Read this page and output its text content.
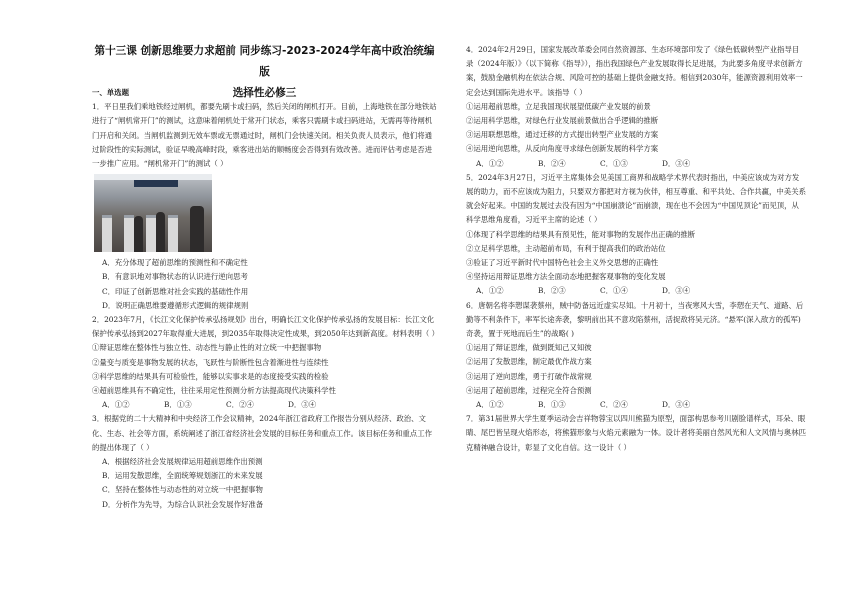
第十三课 创新思维要力求超前 同步练习-2023-2024学年高中政治统编版
选择性必修三
一、单选题

1．平日里我们乘地铁经过闸机，都要先刷卡或扫码，然后关闭的闸机打开。目前，上海地铁在部分地铁站进行了“闸机常开门”的测试，这意味着闸机处于常开门状态，乘客只需刷卡或扫码进站，无需再等待闸机门开启和关闭。当闸机监测到无效车票或无票通过时，闸机门会快速关闭。相关负责人员表示，他们将通过阶段性的实际测试，验证早晚高峰时段，乘客进出站的顺畅度会否得到有效改善。进而评估考虑是否进一步推广应用。“闸机常开门”的测试（ ）

A．充分体现了超前思维的预测性和不确定性

B．有意识地对事物状态的认识进行逆向思考

C．印证了创新思维对社会实践的基础性作用

D．说明正确思维要遵循形式逻辑的规律规则

2．2023年7月，《长江文化保护传承弘扬规划》出台，明确长江文化保护传承弘扬的发展目标：长江文化保护传承弘扬到2027年取得重大进展，到2035年取得决定性成果，到2050年达到新高度。材料表明（ ）

①辩证思维在整体性与独立性、动态性与静止性的对立统一中把握事物

②量变与质变是事物发展的状态，飞跃性与阶断性包含着渐进性与连续性

③科学思维的结果具有可检验性，能够以实事求是的态度接受实践的检验

④超前思维具有不确定性，往往采用定性预测分析方法提高现代决策科学性

A．①②	B．①③	C．②④	D．③④

3．根据党的二十大精神和中央经济工作会议精神，2024年浙江省政府工作报告分别从经济、政治、文化、生态、社会等方面，系统阐述了浙江省经济社会发展的目标任务和重点工作。该目标任务和重点工作的提出体现了（ ）

A．根据经济社会发展规律运用超前思维作出预测

B．运用发散思维，全面统筹规划浙江的未来发展

C．坚持在整体性与动态性的对立统一中把握事物

D．分析作为先导，为综合认识社会发展作好准备

4．2024年2月29日，国家发展改革委会同自然资源部、生态环境部印发了《绿色低碳转型产业指导目录（2024年版）》（以下简称《指导》），指出我国绿色产业发展取得长足进展，为此要多角度寻求创新方案，鼓励金融机构在依法合规、风险可控的基础上提供金融支持。相信到2030年，能源资源利用效率一定会达到国际先进水平。该指导（ ）

①运用超前思维，立足我国现状展望低碳产业发展的前景

②运用科学思维，对绿色行业发展前景做出合乎逻辑的推断

③运用联想思维，通过迁移的方式提出转型产业发展的方案

④运用逆向思维，从反向角度寻求绿色创新发展的科学方案

A．①②	B．②④	C．①③	D．③④

5．2024年3月27日，习近平主席集体会见美国工商界和战略学术界代表时指出，中美应该成为对方发展的助力，而不应该成为阻力，只要双方都把对方视为伙伴，相互尊重、和平共处、合作共赢，中美关系就会好起来。中国的发展过去没有因为“中国崩溃论”而崩溃，现在也不会因为“中国见顶论”而见顶，从科学思维角度看，习近平主席的论述（ ）

①体现了科学思维的结果具有预见性，能对事物的发展作出正确的推断

②立足科学思维，主动超前布局，有利于提高我们的政治站位

③验证了习近平新时代中国特色社会主义外交思想的正确性

④坚持运用辩证思维方法全面动态地把握客观事物的变化发展

A．①②	B．②③	C．①④	D．③④

6．唐朝名将李愬谋袭蔡州，贼中防备远近虚实尽知。十月初十，当夜寒风大雪，李愬在天气、道路、后勤等不利条件下，率军长途奔袭，黎明前出其不意攻陷蔡州，活捉敌将吴元济。“悬军(深入敌方的孤军)奇袭，置于死地而后生”的战略( )

①运用了辩证思维，做到既知己又知彼

②运用了发散思维，制定最优作战方案

③运用了逆向思维，勇于打破作战常规

④运用了超前思维，过程完全符合预测

A．①②	B．①③	C．②④	D．③④

7．第31届世界大学生夏季运动会吉祥物蓉宝以四川熊猫为原型，面部构思参考川剧脸谱样式，耳朵、眼睛、尾巴皆呈现火焰形态，将熊猫形象与火焰元素融为一体。设计者将美丽自然风光和人文风情与奥林匹克精神融合设计，彰显了文化自信。这一设计（ ）
